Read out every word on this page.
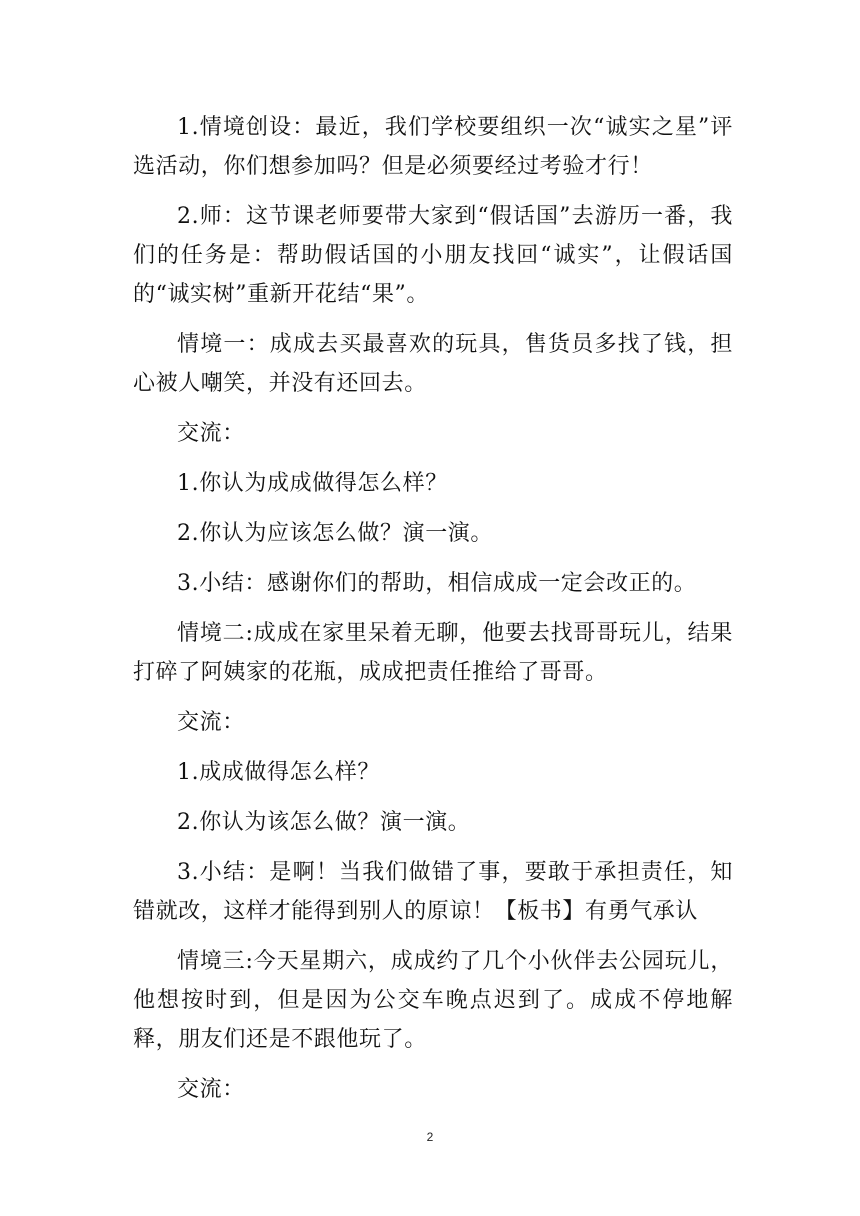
1.情境创设：最近，我们学校要组织一次“诚实之星”评选活动，你们想参加吗？但是必须要经过考验才行！

2.师：这节课老师要带大家到“假话国”去游历一番，我们的任务是：帮助假话国的小朋友找回“诚实”，让假话国的“诚实树”重新开花结“果”。

情境一：成成去买最喜欢的玩具，售货员多找了钱，担心被人嘲笑，并没有还回去。

交流：

1.你认为成成做得怎么样？

2.你认为应该怎么做？演一演。

3.小结：感谢你们的帮助，相信成成一定会改正的。

情境二:成成在家里呆着无聊，他要去找哥哥玩儿，结果打碎了阿姨家的花瓶，成成把责任推给了哥哥。

交流：

1.成成做得怎么样？

2.你认为该怎么做？演一演。

3.小结：是啊！当我们做错了事，要敢于承担责任，知错就改，这样才能得到别人的原谅！【板书】有勇气承认

情境三:今天星期六，成成约了几个小伙伴去公园玩儿，他想按时到，但是因为公交车晚点迟到了。成成不停地解释，朋友们还是不跟他玩了。

交流：

2
